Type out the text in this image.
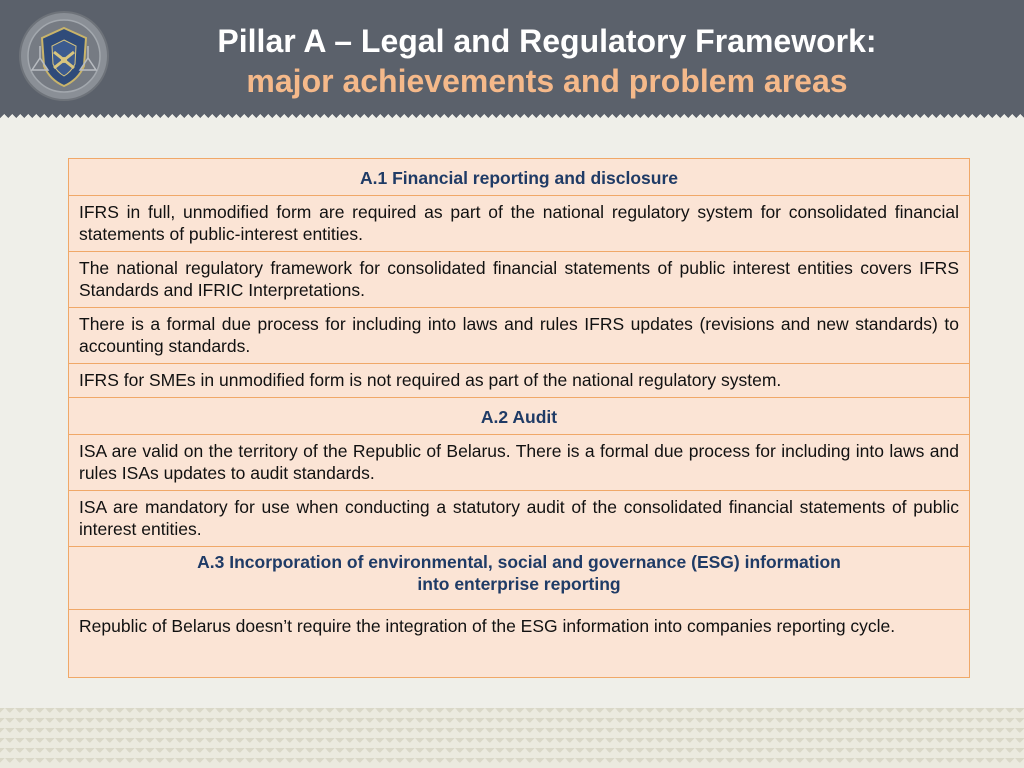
Pillar A – Legal and Regulatory Framework:
major achievements and problem areas
A.1 Financial reporting and disclosure
IFRS in full, unmodified form are required as part of the national regulatory system for consolidated financial statements of public-interest entities.
The national regulatory framework for consolidated financial statements of public interest entities covers IFRS Standards and IFRIC Interpretations.
There is a formal due process for including into laws and rules IFRS updates (revisions and new standards) to accounting standards.
IFRS for SMEs in unmodified form is not required as part of the national regulatory system.
A.2 Audit
ISA are valid on the territory of the Republic of Belarus. There is a formal due process for including into laws and rules ISAs updates to audit standards.
ISA are mandatory for use when conducting a statutory audit of the consolidated financial statements of public interest entities.
A.3 Incorporation of environmental, social and governance (ESG) information
into enterprise reporting
Republic of Belarus doesn’t require the integration of the ESG information into companies reporting cycle.
